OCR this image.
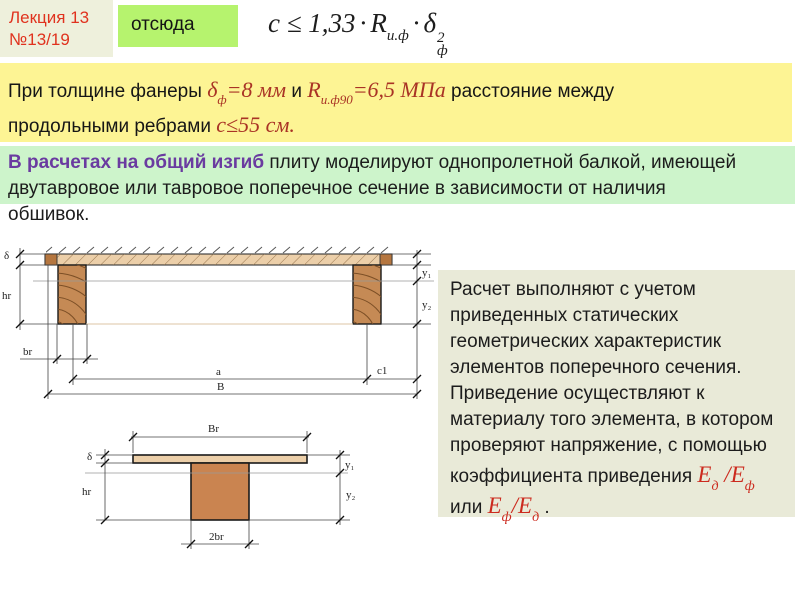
Лекция 13
№13/19
отсюда	$c \le 1,33 \cdot R_{и.ф} \cdot \delta$ 2
ф
При толщине фанеры $\delta_ф=8$ мм и $R_{и.ф90}=6,5$ МПа расстояние между
продольными ребрами c≤55 см.
В расчетах на общий изгиб плиту моделируют однопролетной балкой, имеющей
двутавровое или тавровое поперечное сечение в зависимости от наличия
обшивок.
δ
hr
br
a	c1
B
y₁
y₂
Br
δ
hr
2br
y₁
y₂
Расчет выполняют с учетом
приведенных статических
геометрических характеристик
элементов поперечного сечения.
Приведение осуществляют к
материалу того элемента, в котором
проверяют напряжение, с помощью
коэффициента приведения $E_д$ $/E_ф$
или $E_ф/E_д$ .
